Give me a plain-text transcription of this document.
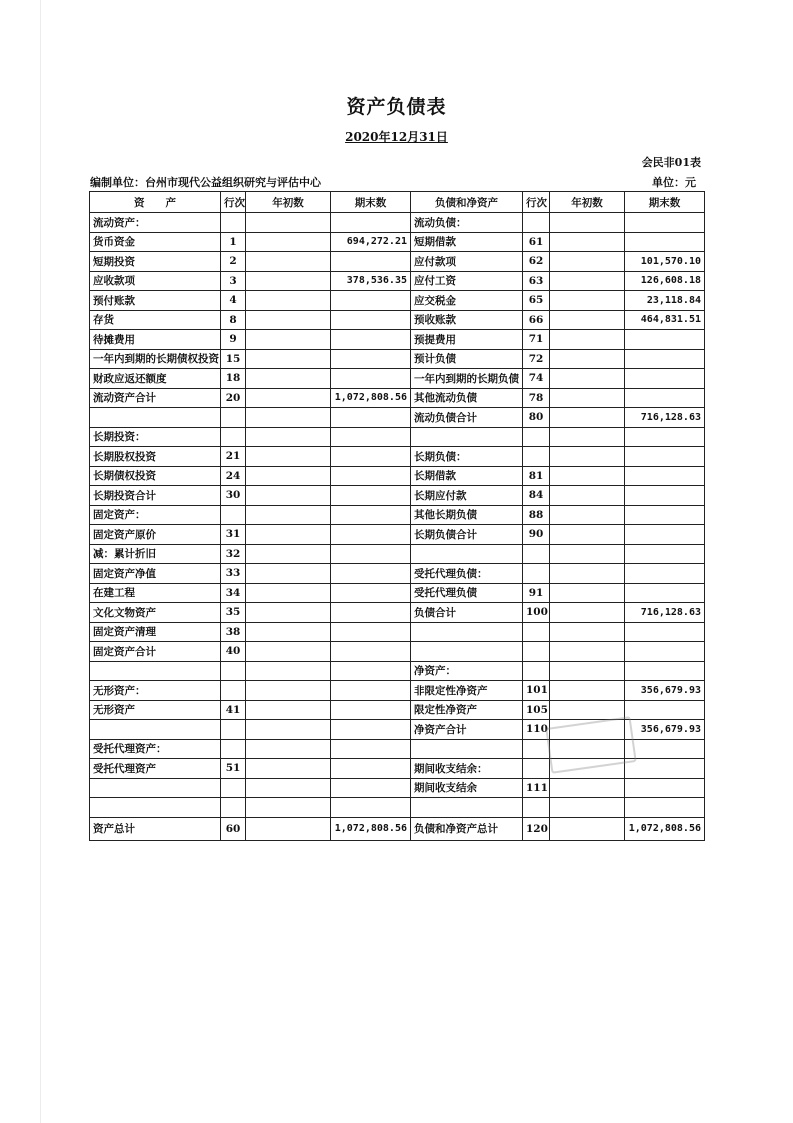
资产负债表
2020年12月31日
会民非01表
编制单位：台州市现代公益组织研究与评估中心	单位：元
资　　产	行次	年初数	期末数	负债和净资产	行次	年初数	期末数
流动资产：				流动负债：			
货币资金	1		694,272.21	短期借款	61		
短期投资	2			应付款项	62		101,570.10
应收款项	3		378,536.35	应付工资	63		126,608.18
预付账款	4			应交税金	65		23,118.84
存货	8			预收账款	66		464,831.51
待摊费用	9			预提费用	71		
一年内到期的长期债权投资	15			预计负债	72		
财政应返还额度	18			一年内到期的长期负债	74		
流动资产合计	20		1,072,808.56	其他流动负债	78		
				流动负债合计	80		716,128.63
长期投资：							
长期股权投资	21			长期负债：			
长期债权投资	24			长期借款	81		
长期投资合计	30			长期应付款	84		
固定资产：				其他长期负债	88		
固定资产原价	31			长期负债合计	90		
减：累计折旧	32						
固定资产净值	33			受托代理负债：			
在建工程	34			受托代理负债	91		
文化文物资产	35			负债合计	100		716,128.63
固定资产清理	38						
固定资产合计	40						
				净资产：			
无形资产：				非限定性净资产	101		356,679.93
无形资产	41			限定性净资产	105		
				净资产合计	110		356,679.93
受托代理资产：							
受托代理资产	51			期间收支结余：			
				期间收支结余	111		

资产总计	60		1,072,808.56	负债和净资产总计	120		1,072,808.56
